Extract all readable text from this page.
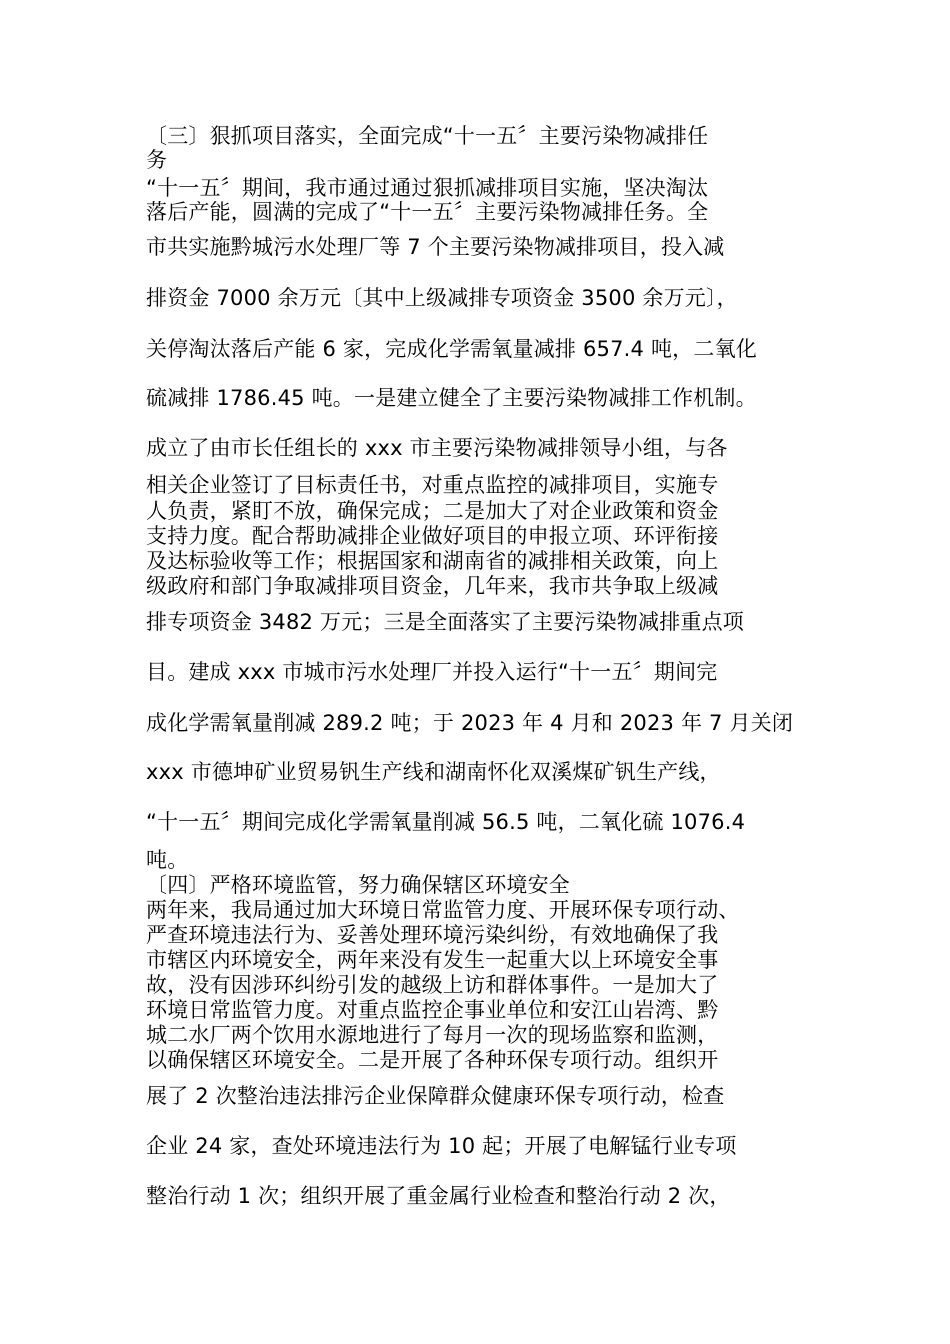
〔三〕狠抓项目落实，全面完成“十一五〞主要污染物减排任
务
“十一五〞期间，我市通过通过狠抓减排项目实施，坚决淘汰
落后产能，圆满的完成了“十一五〞主要污染物减排任务。全
市共实施黔城污水处理厂等 7 个主要污染物减排项目，投入减
排资金 7000 余万元〔其中上级减排专项资金 3500 余万元〕，
关停淘汰落后产能 6 家，完成化学需氧量减排 657.4 吨，二氧化
硫减排 1786.45 吨。一是建立健全了主要污染物减排工作机制。
成立了由市长任组长的 xxx 市主要污染物减排领导小组，与各
相关企业签订了目标责任书，对重点监控的减排项目，实施专
人负责，紧盯不放，确保完成；二是加大了对企业政策和资金
支持力度。配合帮助减排企业做好项目的申报立项、环评衔接
及达标验收等工作；根据国家和湖南省的减排相关政策，向上
级政府和部门争取减排项目资金，几年来，我市共争取上级减
排专项资金 3482 万元；三是全面落实了主要污染物减排重点项
目。建成 xxx 市城市污水处理厂并投入运行“十一五〞期间完
成化学需氧量削减 289.2 吨；于 2023 年 4 月和 2023 年 7 月关闭
xxx 市德坤矿业贸易钒生产线和湖南怀化双溪煤矿钒生产线，
“十一五〞期间完成化学需氧量削减 56.5 吨，二氧化硫 1076.4
吨。
〔四〕严格环境监管，努力确保辖区环境安全
两年来，我局通过加大环境日常监管力度、开展环保专项行动、
严查环境违法行为、妥善处理环境污染纠纷，有效地确保了我
市辖区内环境安全，两年来没有发生一起重大以上环境安全事
故，没有因涉环纠纷引发的越级上访和群体事件。一是加大了
环境日常监管力度。对重点监控企事业单位和安江山岩湾、黔
城二水厂两个饮用水源地进行了每月一次的现场监察和监测，
以确保辖区环境安全。二是开展了各种环保专项行动。组织开
展了 2 次整治违法排污企业保障群众健康环保专项行动，检查
企业 24 家，查处环境违法行为 10 起；开展了电解锰行业专项
整治行动 1 次；组织开展了重金属行业检查和整治行动 2 次，
